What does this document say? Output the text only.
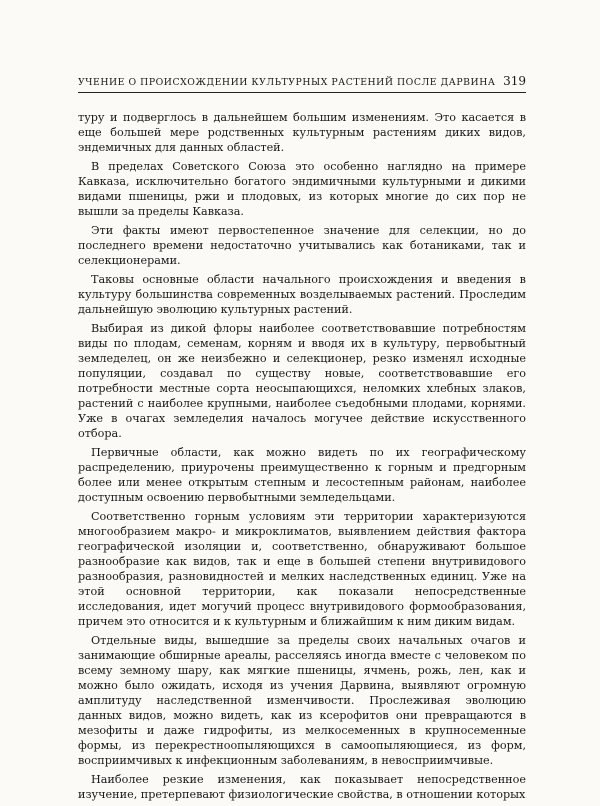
УЧЕНИЕ О ПРОИСХОЖДЕНИИ КУЛЬТУРНЫХ РАСТЕНИЙ ПОСЛЕ ДАРВИНА 319

туру и подверглось в дальнейшем большим изменениям. Это касается в еще большей мере родственных культурным растениям диких видов, эндемичных для данных областей.

В пределах Советского Союза это особенно наглядно на примере Кавказа, исключительно богатого эндимичными культурными и дикими видами пшеницы, ржи и плодовых, из которых многие до сих пор не вышли за пределы Кавказа.

Эти факты имеют первостепенное значение для селекции, но до последнего времени недостаточно учитывались как ботаниками, так и селекционерами.

Таковы основные области начального происхождения и введения в культуру большинства современных возделываемых растений. Проследим дальнейшую эволюцию культурных растений.

Выбирая из дикой флоры наиболее соответствовавшие потребностям виды по плодам, семенам, корням и вводя их в культуру, первобытный земледелец, он же неизбежно и селекционер, резко изменял исходные популяции, создавал по существу новые, соответствовавшие его потребности местные сорта неосыпающихся, неломких хлебных злаков, растений с наиболее крупными, наиболее съедобными плодами, корнями. Уже в очагах земледелия началось могучее действие искусственного отбора.

Первичные области, как можно видеть по их географическому распределению, приурочены преимущественно к горным и предгорным более или менее открытым степным и лесостепным районам, наиболее доступным освоению первобытными земледельцами.

Соответственно горным условиям эти территории характеризуются многообразием макро- и микроклиматов, выявлением действия фактора географической изоляции и, соответственно, обнаруживают большое разнообразие как видов, так и еще в большей степени внутривидового разнообразия, разновидностей и мелких наследственных единиц. Уже на этой основной территории, как показали непосредственные исследования, идет могучий процесс внутривидового формообразования, причем это относится и к культурным и ближайшим к ним диким видам.

Отдельные виды, вышедшие за пределы своих начальных очагов и занимающие обширные ареалы, расселяясь иногда вместе с человеком по всему земному шару, как мягкие пшеницы, ячмень, рожь, лен, как и можно было ожидать, исходя из учения Дарвина, выявляют огромную амплитуду наследственной изменчивости. Прослеживая эволюцию данных видов, можно видеть, как из ксерофитов они превращаются в мезофиты и даже гидрофиты, из мелкосеменных в крупносеменные формы, из перекрестноопыляющихся в самоопыляющиеся, из форм, восприимчивых к инфекционным заболеваниям, в невосприимчивые.

Наиболее резкие изменения, как показывает непосредственное изучение, претерпевают физиологические свойства, в отношении которых
